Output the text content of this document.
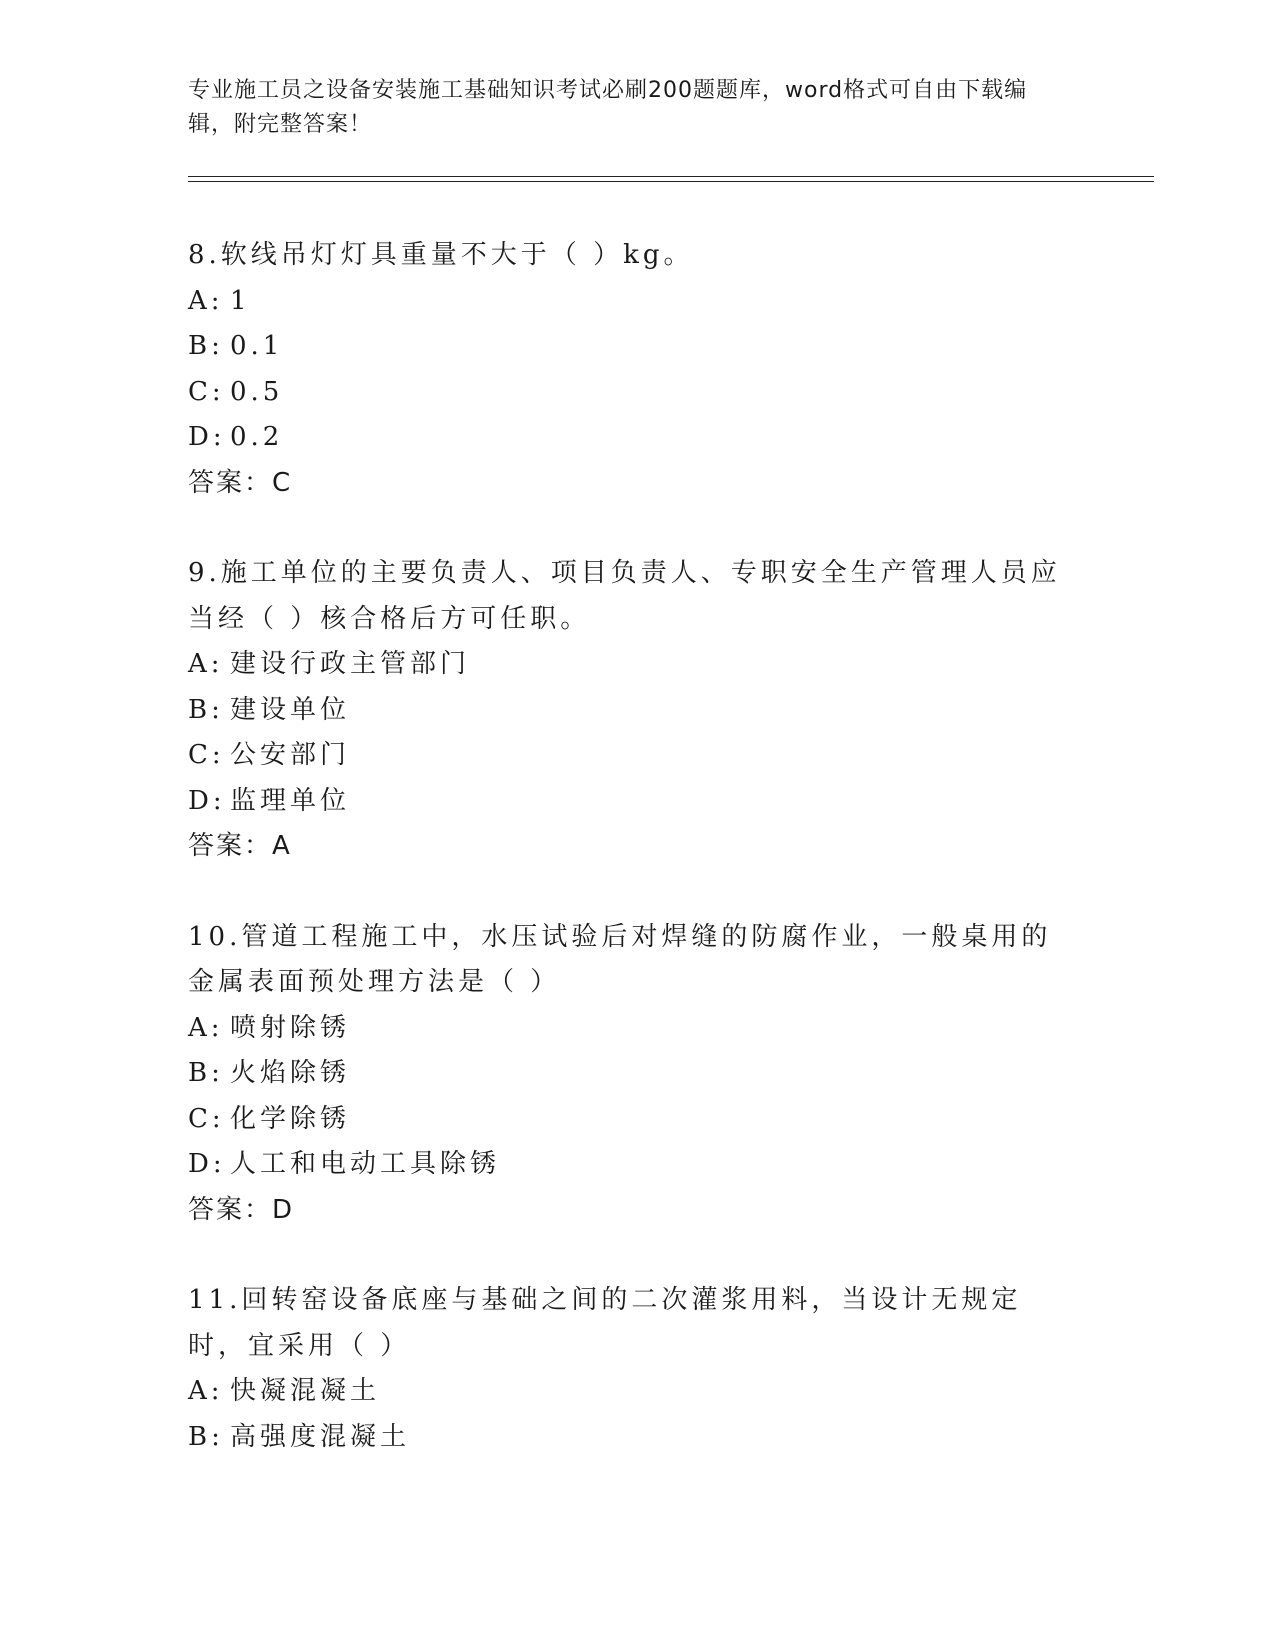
专业施工员之设备安装施工基础知识考试必刷200题题库，word格式可自由下载编辑，附完整答案！

8.软线吊灯灯具重量不大于（ ）kg。

A: 1

B: 0.1

C: 0.5

D: 0.2

答案：C

9.施工单位的主要负责人、项目负责人、专职安全生产管理人员应当经（ ）核合格后方可任职。

A: 建设行政主管部门

B: 建设单位

C: 公安部门

D: 监理单位

答案：A

10.管道工程施工中，水压试验后对焊缝的防腐作业，一般桌用的金属表面预处理方法是（ ）

A: 喷射除锈

B: 火焰除锈

C: 化学除锈

D: 人工和电动工具除锈

答案：D

11.回转窑设备底座与基础之间的二次灌浆用料，当设计无规定时，宜采用（ ）

A: 快凝混凝土

B: 高强度混凝土
